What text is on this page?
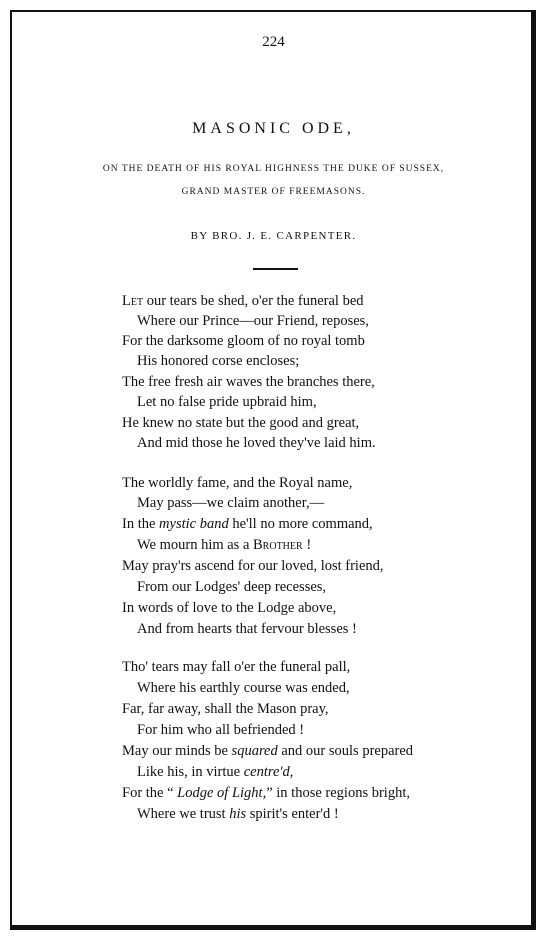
224
MASONIC ODE,
ON THE DEATH OF HIS ROYAL HIGHNESS THE DUKE OF SUSSEX,
GRAND MASTER OF FREEMASONS.
BY BRO. J. E. CARPENTER.
Let our tears be shed, o'er the funeral bed
Where our Prince—our Friend, reposes,
For the darksome gloom of no royal tomb
His honored corse encloses;
The free fresh air waves the branches there,
Let no false pride upbraid him,
He knew no state but the good and great,
And mid those he loved they've laid him.
The worldly fame, and the Royal name,
May pass—we claim another,—
In the mystic band he'll no more command,
We mourn him as a Brother !
May pray'rs ascend for our loved, lost friend,
From our Lodges' deep recesses,
In words of love to the Lodge above,
And from hearts that fervour blesses !
Tho' tears may fall o'er the funeral pall,
Where his earthly course was ended,
Far, far away, shall the Mason pray,
For him who all befriended !
May our minds be squared and our souls prepared
Like his, in virtue centre'd,
For the “ Lodge of Light,” in those regions bright,
Where we trust his spirit's enter'd !
